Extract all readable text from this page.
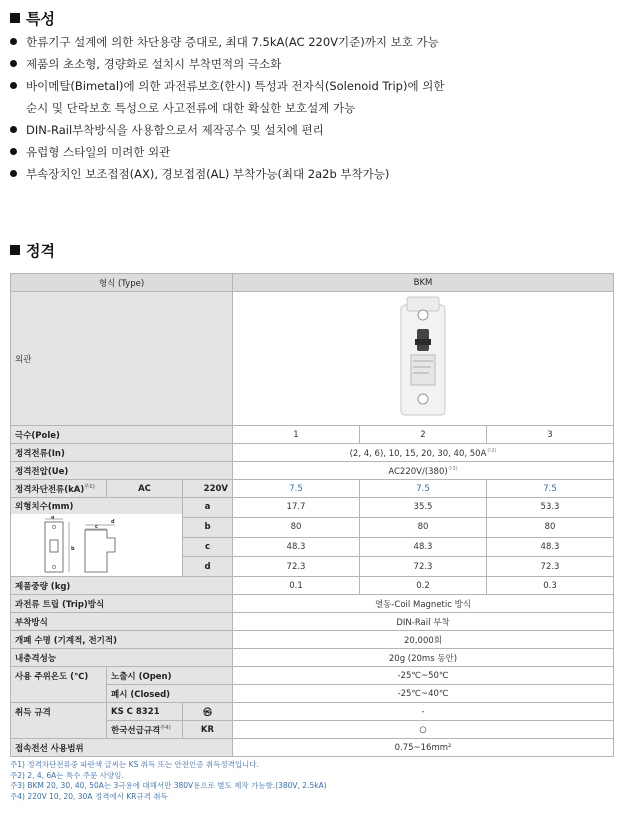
특성
한류기구 설계에 의한 차단용량 증대로, 최대 7.5kA(AC 220V기준)까지 보호 가능
제품의 초소형, 경량화로 설치시 부착면적의 극소화
바이메탈(Bimetal)에 의한 과전류보호(한시) 특성과 전자식(Solenoid Trip)에 의한
순시 및 단락보호 특성으로 사고전류에 대한 확실한 보호설계 가능
DIN-Rail부착방식을 사용함으로서 제작공수 및 설치에 편리
유럽형 스타일의 미려한 외관
부속장치인 보조접점(AX), 경보접점(AL) 부착가능(최대 2a2b 부착가능)
정격
형식 (Type)			BKM		
외관	
극수(Pole)			1	2	3
정격전류(In)			(2, 4, 6), 10, 15, 20, 30, 40, $50A^{주2)}$
정격전압(Ue)			$AC220V/(380)^{주3)}$
정격차단전류(kA)$^{주1)}$	AC	220V	7.5	7.5	7.5

외형치수(mm)
a
b
d
c		a	17.7	35.5	53.3
		b	80	80	80
		c	48.3	48.3	48.3
		d	72.3	72.3	72.3
제품중량 (kg)			0.1	0.2	0.3
과전류 트립 (Trip)방식			열동-Coil Magnetic 방식		
부착방식			DIN-Rail 부착		
개폐 수명 (기계적, 전기적)			20,000회		
내충격성능			20g (20ms 동안)		
사용 주위온도 (℃)	노출시 (Open)		-25℃~50℃		
	폐시 (Closed)		-25℃~40℃		
취득 규격	KS C 8321	㉿	-		
	한국선급규격$^{주4)}$	KR	○		
접속전선 사용범위			0.75~16mm²		
주1) 정격차단전류중 파란색 글씨는 KS 취득 또는 안전인증 취득정격입니다.
주2) 2, 4, 6A는 특수 주문 사양임.
주3) BKM 20, 30, 40, 50A는 3극용에 대해서만 380V용으로 별도 제작 가능함.(380V, 2.5kA)
주4) 220V 10, 20, 30A 정격에서 KR규격 취득
